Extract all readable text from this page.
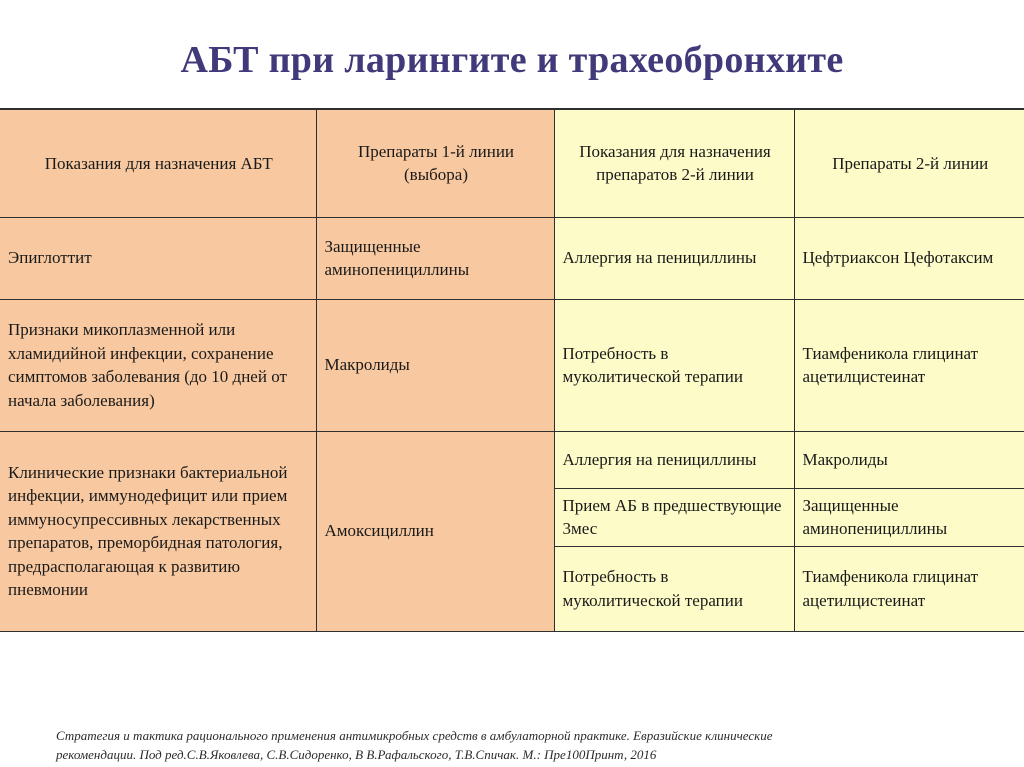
АБТ при ларингите и трахеобронхите
Показания для назначения АБТ	Препараты 1-й линии (выбора)	Показания для назначения препаратов 2-й линии	Препараты 2-й линии
Эпиглоттит	Защищенные аминопенициллины	Аллергия на пенициллины	Цефтриаксон Цефотаксим
Признаки микоплазменной или хламидийной инфекции, сохранение симптомов заболевания (до 10 дней от начала заболевания)	Макролиды	Потребность в муколитической терапии	Тиамфеникола глицинат ацетилцистеинат
Клинические признаки бактериальной инфекции, иммунодефицит или прием иммуносупрессивных лекарственных препаратов, преморбидная патология, предрасполагающая к развитию пневмонии	Амоксициллин	Аллергия на пенициллины	Макролиды
		Прием АБ в предшествующие 3мес	Защищенные аминопенициллины
		Потребность в муколитической терапии	Тиамфеникола глицинат ацетилцистеинат
Стратегия и тактика рационального применения антимикробных средств в амбулаторной практике. Евразийские клинические
рекомендации. Под ред.С.В.Яковлева, С.В.Сидоренко, В В.Рафальского, Т.В.Спичак. М.: Пре100Принт, 2016
